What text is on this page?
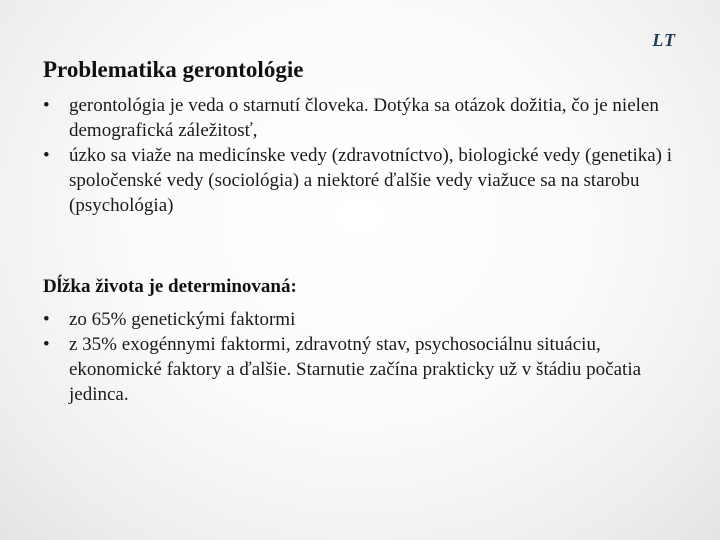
LT
Problematika gerontológie
• gerontológia je veda o starnutí človeka. Dotýka sa otázok dožitia, čo je nielen demografická záležitosť,
• úzko sa viaže na medicínske vedy (zdravotníctvo), biologické vedy (genetika) i spoločenské vedy (sociológia) a niektoré ďalšie vedy viažuce sa na starobu (psychológia)
Dĺžka života je determinovaná:
• zo 65% genetickými faktormi
• z 35% exogénnymi faktormi, zdravotný stav, psychosociálnu situáciu, ekonomické faktory a ďalšie. Starnutie začína prakticky už v štádiu počatia jedinca.
